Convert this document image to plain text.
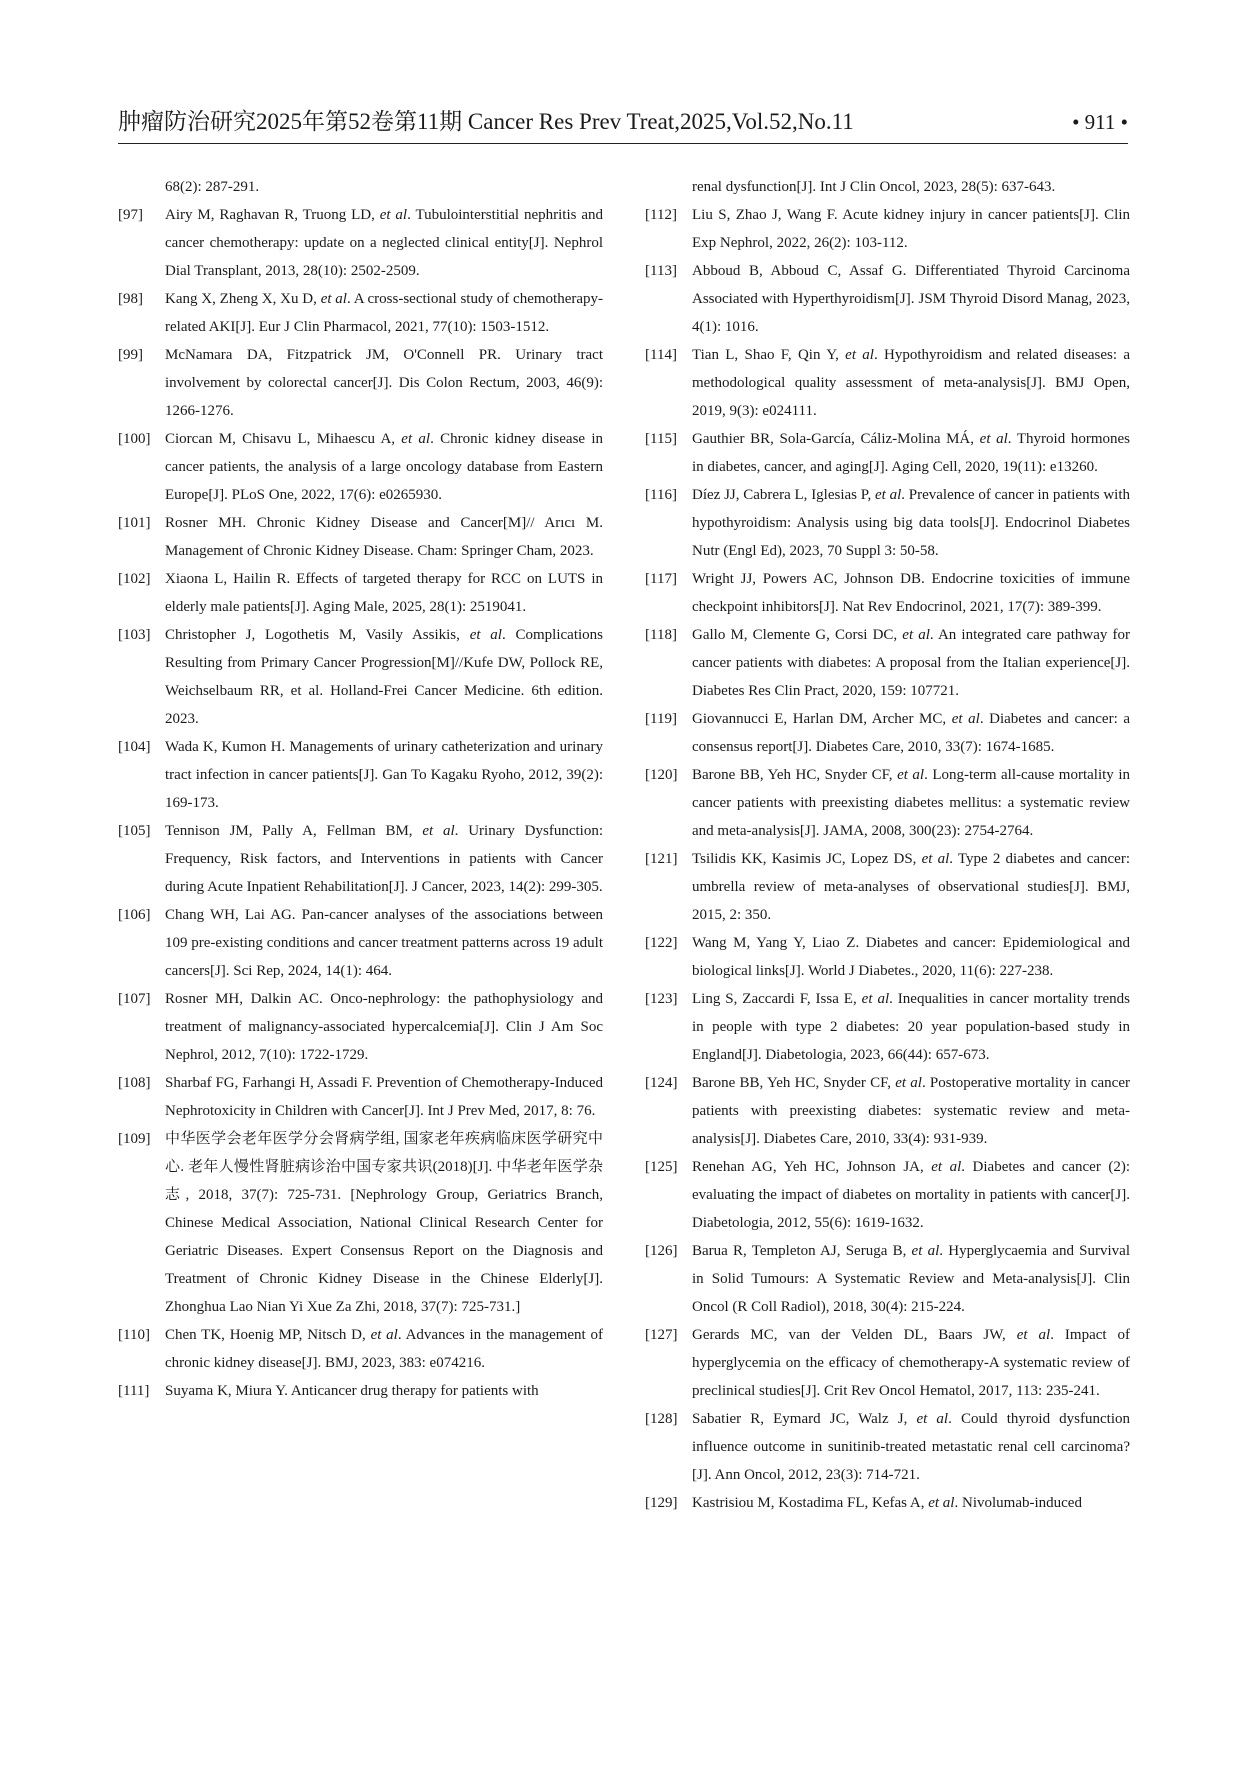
肿瘤防治研究2025年第52卷第11期 Cancer Res Prev Treat,2025,Vol.52,No.11	• 911 •
68(2): 287-291.
[97] Airy M, Raghavan R, Truong LD, et al. Tubulointerstitial nephritis and cancer chemotherapy: update on a neglected clinical entity[J]. Nephrol Dial Transplant, 2013, 28(10): 2502-2509.
[98] Kang X, Zheng X, Xu D, et al. A cross-sectional study of chemotherapy-related AKI[J]. Eur J Clin Pharmacol, 2021, 77(10): 1503-1512.
[99] McNamara DA, Fitzpatrick JM, O'Connell PR. Urinary tract involvement by colorectal cancer[J]. Dis Colon Rectum, 2003, 46(9): 1266-1276.
[100] Ciorcan M, Chisavu L, Mihaescu A, et al. Chronic kidney disease in cancer patients, the analysis of a large oncology database from Eastern Europe[J]. PLoS One, 2022, 17(6): e0265930.
[101] Rosner MH. Chronic Kidney Disease and Cancer[M]// Arıcı M. Management of Chronic Kidney Disease. Cham: Springer Cham, 2023.
[102] Xiaona L, Hailin R. Effects of targeted therapy for RCC on LUTS in elderly male patients[J]. Aging Male, 2025, 28(1): 2519041.
[103] Christopher J, Logothetis M, Vasily Assikis, et al. Complications Resulting from Primary Cancer Progression[M]//Kufe DW, Pollock RE, Weichselbaum RR, et al. Holland-Frei Cancer Medicine. 6th edition. 2023.
[104] Wada K, Kumon H. Managements of urinary catheterization and urinary tract infection in cancer patients[J]. Gan To Kagaku Ryoho, 2012, 39(2): 169-173.
[105] Tennison JM, Pally A, Fellman BM, et al. Urinary Dysfunction: Frequency, Risk factors, and Interventions in patients with Cancer during Acute Inpatient Rehabilitation[J]. J Cancer, 2023, 14(2): 299-305.
[106] Chang WH, Lai AG. Pan-cancer analyses of the associations between 109 pre-existing conditions and cancer treatment patterns across 19 adult cancers[J]. Sci Rep, 2024, 14(1): 464.
[107] Rosner MH, Dalkin AC. Onco-nephrology: the pathophysiology and treatment of malignancy-associated hypercalcemia[J]. Clin J Am Soc Nephrol, 2012, 7(10): 1722-1729.
[108] Sharbaf FG, Farhangi H, Assadi F. Prevention of Chemotherapy-Induced Nephrotoxicity in Children with Cancer[J]. Int J Prev Med, 2017, 8: 76.
[109] 中华医学会老年医学分会肾病学组, 国家老年疾病临床医学研究中心. 老年人慢性肾脏病诊治中国专家共识(2018)[J]. 中华老年医学杂志, 2018, 37(7): 725-731. [Nephrology Group, Geriatrics Branch, Chinese Medical Association, National Clinical Research Center for Geriatric Diseases. Expert Consensus Report on the Diagnosis and Treatment of Chronic Kidney Disease in the Chinese Elderly[J]. Zhonghua Lao Nian Yi Xue Za Zhi, 2018, 37(7): 725-731.]
[110] Chen TK, Hoenig MP, Nitsch D, et al. Advances in the management of chronic kidney disease[J]. BMJ, 2023, 383: e074216.
[111] Suyama K, Miura Y. Anticancer drug therapy for patients with
renal dysfunction[J]. Int J Clin Oncol, 2023, 28(5): 637-643.
[112] Liu S, Zhao J, Wang F. Acute kidney injury in cancer patients[J]. Clin Exp Nephrol, 2022, 26(2): 103-112.
[113] Abboud B, Abboud C, Assaf G. Differentiated Thyroid Carcinoma Associated with Hyperthyroidism[J]. JSM Thyroid Disord Manag, 2023, 4(1): 1016.
[114] Tian L, Shao F, Qin Y, et al. Hypothyroidism and related diseases: a methodological quality assessment of meta-analysis[J]. BMJ Open, 2019, 9(3): e024111.
[115] Gauthier BR, Sola-García, Cáliz-Molina MÁ, et al. Thyroid hormones in diabetes, cancer, and aging[J]. Aging Cell, 2020, 19(11): e13260.
[116] Díez JJ, Cabrera L, Iglesias P, et al. Prevalence of cancer in patients with hypothyroidism: Analysis using big data tools[J]. Endocrinol Diabetes Nutr (Engl Ed), 2023, 70 Suppl 3: 50-58.
[117] Wright JJ, Powers AC, Johnson DB. Endocrine toxicities of immune checkpoint inhibitors[J]. Nat Rev Endocrinol, 2021, 17(7): 389-399.
[118] Gallo M, Clemente G, Corsi DC, et al. An integrated care pathway for cancer patients with diabetes: A proposal from the Italian experience[J]. Diabetes Res Clin Pract, 2020, 159: 107721.
[119] Giovannucci E, Harlan DM, Archer MC, et al. Diabetes and cancer: a consensus report[J]. Diabetes Care, 2010, 33(7): 1674-1685.
[120] Barone BB, Yeh HC, Snyder CF, et al. Long-term all-cause mortality in cancer patients with preexisting diabetes mellitus: a systematic review and meta-analysis[J]. JAMA, 2008, 300(23): 2754-2764.
[121] Tsilidis KK, Kasimis JC, Lopez DS, et al. Type 2 diabetes and cancer: umbrella review of meta-analyses of observational studies[J]. BMJ, 2015, 2: 350.
[122] Wang M, Yang Y, Liao Z. Diabetes and cancer: Epidemiological and biological links[J]. World J Diabetes., 2020, 11(6): 227-238.
[123] Ling S, Zaccardi F, Issa E, et al. Inequalities in cancer mortality trends in people with type 2 diabetes: 20 year population-based study in England[J]. Diabetologia, 2023, 66(44): 657-673.
[124] Barone BB, Yeh HC, Snyder CF, et al. Postoperative mortality in cancer patients with preexisting diabetes: systematic review and meta-analysis[J]. Diabetes Care, 2010, 33(4): 931-939.
[125] Renehan AG, Yeh HC, Johnson JA, et al. Diabetes and cancer (2): evaluating the impact of diabetes on mortality in patients with cancer[J]. Diabetologia, 2012, 55(6): 1619-1632.
[126] Barua R, Templeton AJ, Seruga B, et al. Hyperglycaemia and Survival in Solid Tumours: A Systematic Review and Meta-analysis[J]. Clin Oncol (R Coll Radiol), 2018, 30(4): 215-224.
[127] Gerards MC, van der Velden DL, Baars JW, et al. Impact of hyperglycemia on the efficacy of chemotherapy-A systematic review of preclinical studies[J]. Crit Rev Oncol Hematol, 2017, 113: 235-241.
[128] Sabatier R, Eymard JC, Walz J, et al. Could thyroid dysfunction influence outcome in sunitinib-treated metastatic renal cell carcinoma?[J]. Ann Oncol, 2012, 23(3): 714-721.
[129] Kastrisiou M, Kostadima FL, Kefas A, et al. Nivolumab-induced
